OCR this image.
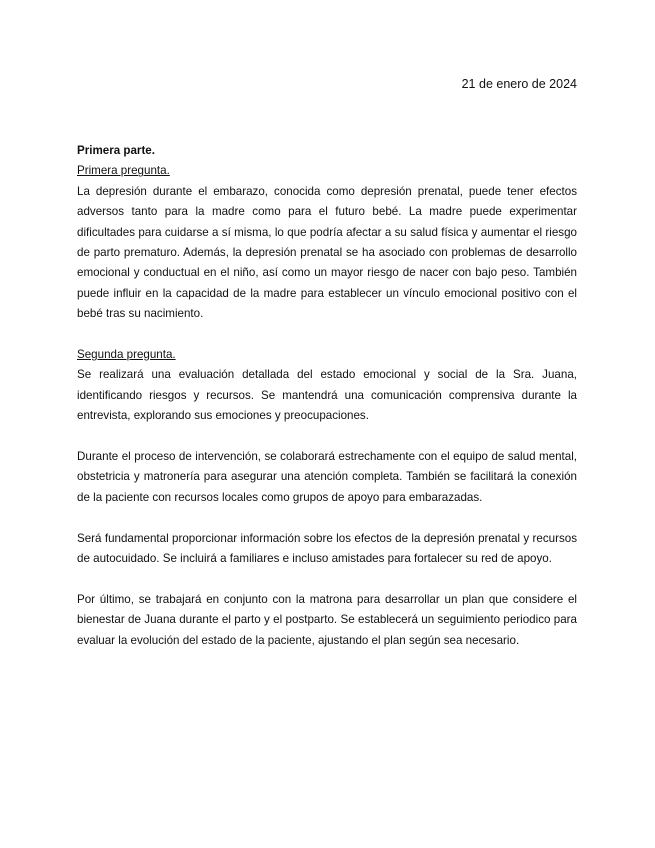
21 de enero de 2024
Primera parte.
Primera pregunta.

La depresión durante el embarazo, conocida como depresión prenatal, puede tener efectos adversos tanto para la madre como para el futuro bebé. La madre puede experimentar dificultades para cuidarse a sí misma, lo que podría afectar a su salud física y aumentar el riesgo de parto prematuro. Además, la depresión prenatal se ha asociado con problemas de desarrollo emocional y conductual en el niño, así como un mayor riesgo de nacer con bajo peso. También puede influir en la capacidad de la madre para establecer un vínculo emocional positivo con el bebé tras su nacimiento.

Segunda pregunta.

Se realizará una evaluación detallada del estado emocional y social de la Sra. Juana, identificando riesgos y recursos. Se mantendrá una comunicación comprensiva durante la entrevista, explorando sus emociones y preocupaciones.

Durante el proceso de intervención, se colaborará estrechamente con el equipo de salud mental, obstetricia y matronería para asegurar una atención completa. También se facilitará la conexión de la paciente con recursos locales como grupos de apoyo para embarazadas.

Será fundamental proporcionar información sobre los efectos de la depresión prenatal y recursos de autocuidado. Se incluirá a familiares e incluso amistades para fortalecer su red de apoyo.

Por último, se trabajará en conjunto con la matrona para desarrollar un plan que considere el bienestar de Juana durante el parto y el postparto. Se establecerá un seguimiento periodico para evaluar la evolución del estado de la paciente, ajustando el plan según sea necesario.
